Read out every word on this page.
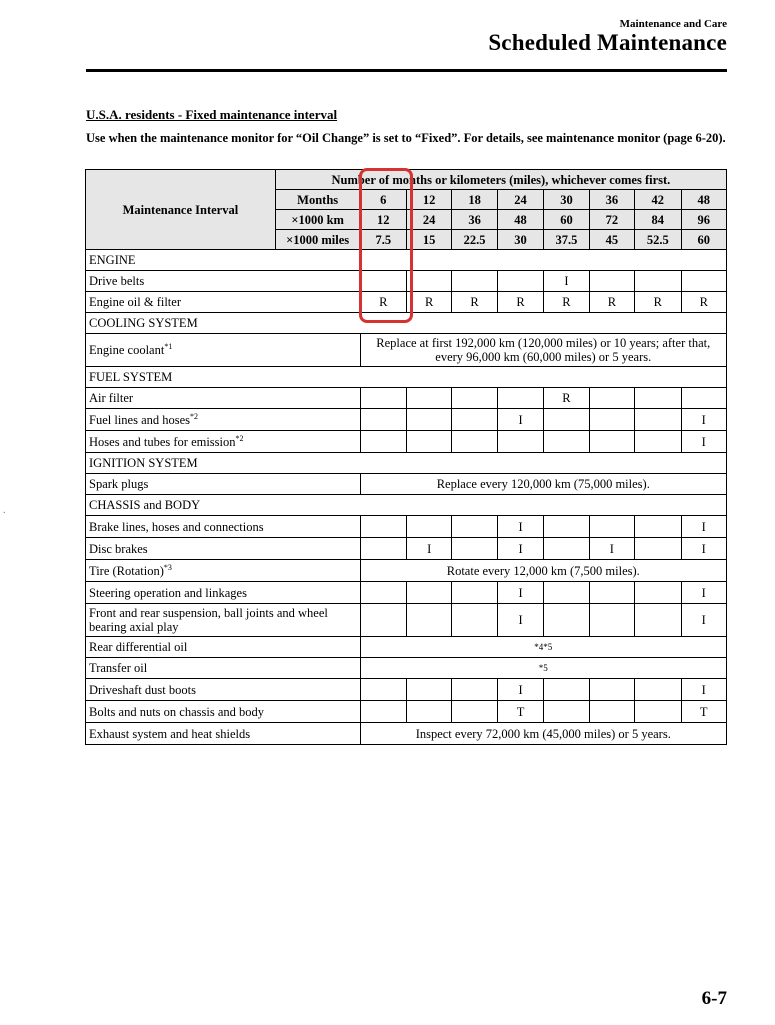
Maintenance and Care
Scheduled Maintenance
U.S.A. residents - Fixed maintenance interval
Use when the maintenance monitor for “Oil Change” is set to “Fixed”. For details, see maintenance monitor (page 6-20).
Maintenance Interval	Number of months or kilometers (miles), whichever comes first.								
	Months	6	12	18	24	30	36	42	48
	×1000 km	12	24	36	48	60	72	84	96
	×1000 miles	7.5	15	22.5	30	37.5	45	52.5	60
ENGINE									
Drive belts						I			
Engine oil & filter		R	R	R	R	R	R	R	R
COOLING SYSTEM									
Engine coolant$^{*1}$		Replace at first 192,000 km (120,000 miles) or 10 years; after that, every 96,000 km (60,000 miles) or 5 years.							
FUEL SYSTEM									
Air filter						R			
Fuel lines and hoses$^{*2}$					I				I
Hoses and tubes for emission$^{*2}$									I
IGNITION SYSTEM									
Spark plugs		Replace every 120,000 km (75,000 miles).							
CHASSIS and BODY									
Brake lines, hoses and connections					I				I
Disc brakes			I		I		I		I
Tire (Rotation)$^{*3}$		Rotate every 12,000 km (7,500 miles).							
Steering operation and linkages					I				I
Front and rear suspension, ball joints and wheel bearing axial play					I				I
Rear differential oil		*4*5							
Transfer oil		*5							
Driveshaft dust boots					I				I
Bolts and nuts on chassis and body					T				T
Exhaust system and heat shields		Inspect every 72,000 km (45,000 miles) or 5 years.							
.
6-7
